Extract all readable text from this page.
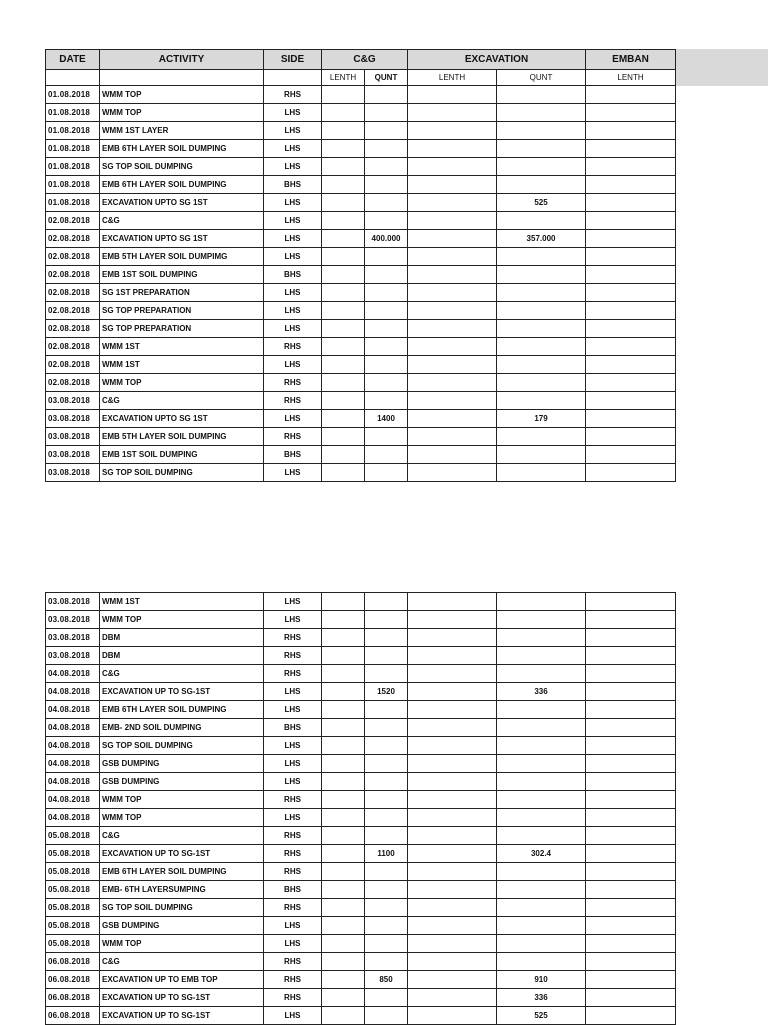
DATE	ACTIVITY	SIDE	C&G		EXCAVATION		EMBAN
			LENTH	QUNT	LENTH	QUNT	LENTH
01.08.2018	WMM TOP	RHS					
01.08.2018	WMM TOP	LHS					
01.08.2018	WMM 1ST LAYER	LHS					
01.08.2018	EMB 6TH LAYER SOIL DUMPING	LHS					
01.08.2018	SG TOP SOIL DUMPING	LHS					
01.08.2018	EMB 6TH LAYER SOIL DUMPING	BHS					
01.08.2018	EXCAVATION UPTO SG 1ST	LHS				525	
02.08.2018	C&G	LHS					
02.08.2018	EXCAVATION UPTO SG 1ST	LHS		400.000		357.000	
02.08.2018	EMB 5TH LAYER SOIL DUMPIMG	LHS					
02.08.2018	EMB 1ST SOIL DUMPING	BHS					
02.08.2018	SG 1ST PREPARATION	LHS					
02.08.2018	SG TOP PREPARATION	LHS					
02.08.2018	SG TOP PREPARATION	LHS					
02.08.2018	WMM 1ST	RHS					
02.08.2018	WMM 1ST	LHS					
02.08.2018	WMM TOP	RHS					
03.08.2018	C&G	RHS					
03.08.2018	EXCAVATION UPTO SG 1ST	LHS		1400		179	
03.08.2018	EMB 5TH LAYER SOIL DUMPING	RHS					
03.08.2018	EMB 1ST SOIL DUMPING	BHS					
03.08.2018	SG TOP SOIL DUMPING	LHS					
03.08.2018	WMM 1ST	LHS					
03.08.2018	WMM TOP	LHS					
03.08.2018	DBM	RHS					
03.08.2018	DBM	RHS					
04.08.2018	C&G	RHS					
04.08.2018	EXCAVATION UP TO SG-1ST	LHS		1520		336	
04.08.2018	EMB 6TH LAYER SOIL DUMPING	LHS					
04.08.2018	EMB- 2ND SOIL DUMPING	BHS					
04.08.2018	SG TOP SOIL DUMPING	LHS					
04.08.2018	GSB DUMPING	LHS					
04.08.2018	GSB DUMPING	LHS					
04.08.2018	WMM TOP	RHS					
04.08.2018	WMM TOP	LHS					
05.08.2018	C&G	RHS					
05.08.2018	EXCAVATION UP TO SG-1ST	RHS		1100		302.4	
05.08.2018	EMB 6TH LAYER SOIL DUMPING	RHS					
05.08.2018	EMB- 6TH LAYERSUMPING	BHS					
05.08.2018	SG TOP SOIL DUMPING	RHS					
05.08.2018	GSB DUMPING	LHS					
05.08.2018	WMM TOP	LHS					
06.08.2018	C&G	RHS					
06.08.2018	EXCAVATION UP TO EMB TOP	RHS		850		910	
06.08.2018	EXCAVATION UP TO SG-1ST	RHS				336	
06.08.2018	EXCAVATION UP TO SG-1ST	LHS				525	
